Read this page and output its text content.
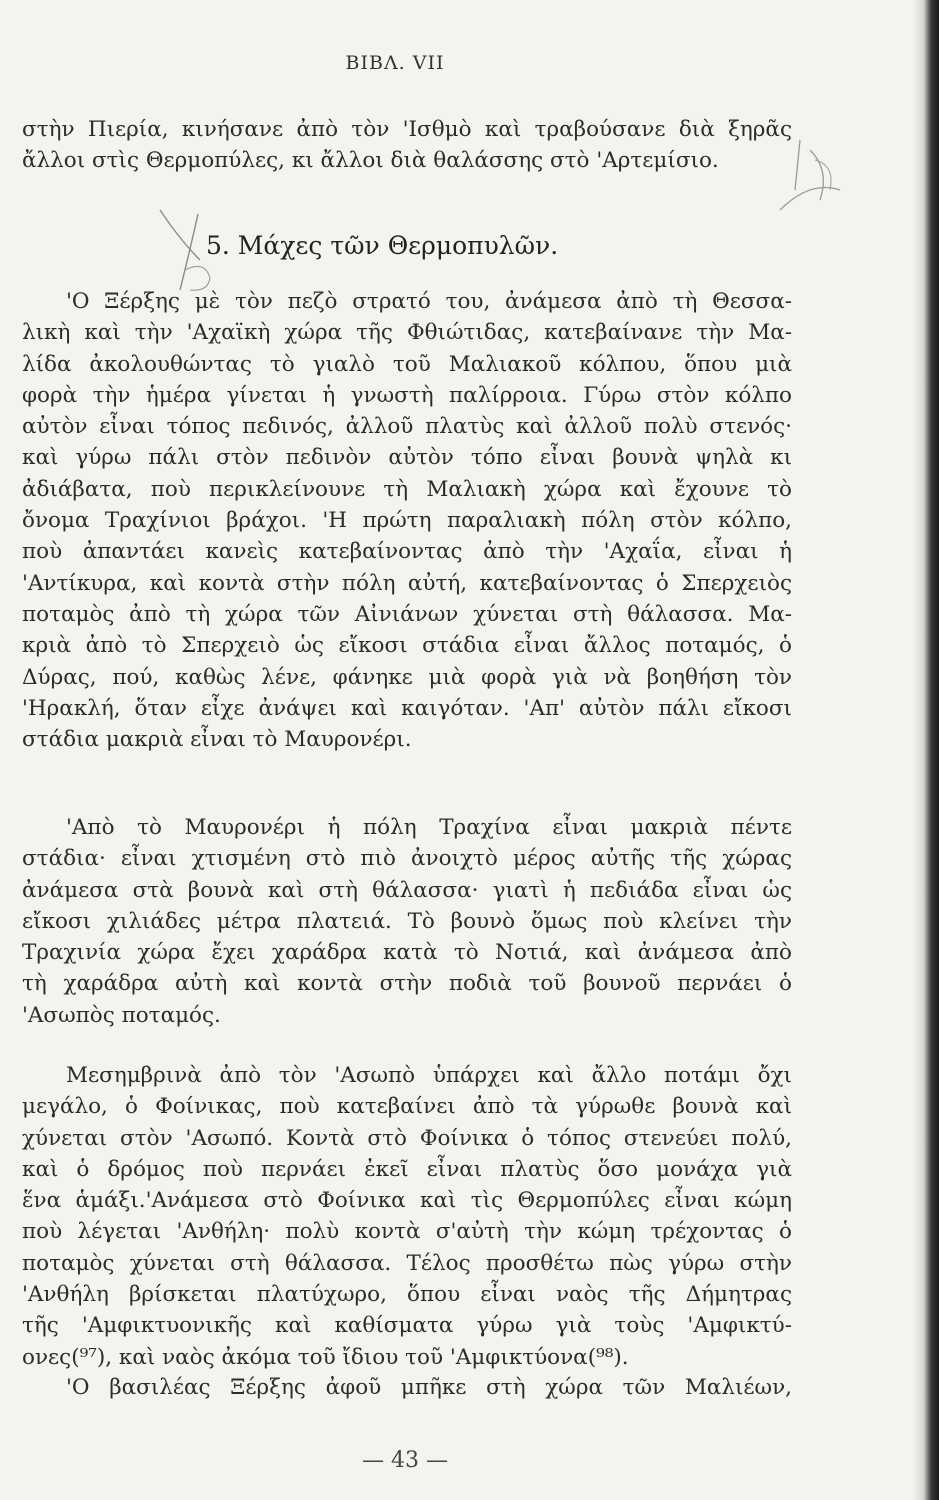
ΒΙΒΛ. VII
στὴν Πιερία, κινήσανε ἀπὸ τὸν 'Ισθμὸ καὶ τραβούσανε διὰ ξηρᾶς
ἄλλοι στὶς Θερμοπύλες, κι ἄλλοι διὰ θαλάσσης στὸ 'Αρτεμίσιο.
5. Μάχες τῶν Θερμοπυλῶν.
'Ο Ξέρξης μὲ τὸν πεζὸ στρατό του, ἀνάμεσα ἀπὸ τὴ Θεσσα-
λικὴ καὶ τὴν 'Αχαϊκὴ χώρα τῆς Φθιώτιδας, κατεβαίνανε τὴν Μα-
λίδα ἀκολουθώντας τὸ γιαλὸ τοῦ Μαλιακοῦ κόλπου, ὅπου μιὰ
φορὰ τὴν ἡμέρα γίνεται ἡ γνωστὴ παλίρροια. Γύρω στὸν κόλπο
αὐτὸν εἶναι τόπος πεδινός, ἀλλοῦ πλατὺς καὶ ἀλλοῦ πολὺ στενός·
καὶ γύρω πάλι στὸν πεδινὸν αὐτὸν τόπο εἶναι βουνὰ ψηλὰ κι
ἀδιάβατα, ποὺ περικλείνουνε τὴ Μαλιακὴ χώρα καὶ ἔχουνε τὸ
ὄνομα Τραχίνιοι βράχοι. 'Η πρώτη παραλιακὴ πόλη στὸν κόλπο,
ποὺ ἀπαντάει κανεὶς κατεβαίνοντας ἀπὸ τὴν 'Αχαΐα, εἶναι ἡ
'Αντίκυρα, καὶ κοντὰ στὴν πόλη αὐτή, κατεβαίνοντας ὁ Σπερχειὸς
ποταμὸς ἀπὸ τὴ χώρα τῶν Αἰνιάνων χύνεται στὴ θάλασσα. Μα-
κριὰ ἀπὸ τὸ Σπερχειὸ ὡς εἴκοσι στάδια εἶναι ἄλλος ποταμός, ὁ
Δύρας, πού, καθὼς λένε, φάνηκε μιὰ φορὰ γιὰ νὰ βοηθήση τὸν
'Ηρακλή, ὅταν εἶχε ἀνάψει καὶ καιγόταν. 'Απ' αὐτὸν πάλι εἴκοσι
στάδια μακριὰ εἶναι τὸ Μαυρονέρι.
'Απὸ τὸ Μαυρονέρι ἡ πόλη Τραχίνα εἶναι μακριὰ πέντε
στάδια· εἶναι χτισμένη στὸ πιὸ ἀνοιχτὸ μέρος αὐτῆς τῆς χώρας
ἀνάμεσα στὰ βουνὰ καὶ στὴ θάλασσα· γιατὶ ἡ πεδιάδα εἶναι ὡς
εἴκοσι χιλιάδες μέτρα πλατειά. Τὸ βουνὸ ὅμως ποὺ κλείνει τὴν
Τραχινία χώρα ἔχει χαράδρα κατὰ τὸ Νοτιά, καὶ ἀνάμεσα ἀπὸ
τὴ χαράδρα αὐτὴ καὶ κοντὰ στὴν ποδιὰ τοῦ βουνοῦ περνάει ὁ
'Ασωπὸς ποταμός.
Μεσημβρινὰ ἀπὸ τὸν 'Ασωπὸ ὑπάρχει καὶ ἄλλο ποτάμι ὄχι
μεγάλο, ὁ Φοίνικας, ποὺ κατεβαίνει ἀπὸ τὰ γύρωθε βουνὰ καὶ
χύνεται στὸν 'Ασωπό. Κοντὰ στὸ Φοίνικα ὁ τόπος στενεύει πολύ,
καὶ ὁ δρόμος ποὺ περνάει ἐκεῖ εἶναι πλατὺς ὅσο μονάχα γιὰ
ἕνα ἁμάξι.'Ανάμεσα στὸ Φοίνικα καὶ τὶς Θερμοπύλες εἶναι κώμη
ποὺ λέγεται 'Ανθήλη· πολὺ κοντὰ σ'αὐτὴ τὴν κώμη τρέχοντας ὁ
ποταμὸς χύνεται στὴ θάλασσα. Τέλος προσθέτω πὼς γύρω στὴν
'Ανθήλη βρίσκεται πλατύχωρο, ὅπου εἶναι ναὸς τῆς Δήμητρας
τῆς 'Αμφικτυονικῆς καὶ καθίσματα γύρω γιὰ τοὺς 'Αμφικτύ-
ονες(⁹⁷), καὶ ναὸς ἀκόμα τοῦ ἴδιου τοῦ 'Αμφικτύονα(⁹⁸).
'Ο βασιλέας Ξέρξης ἀφοῦ μπῆκε στὴ χώρα τῶν Μαλιέων,
— 43 —
